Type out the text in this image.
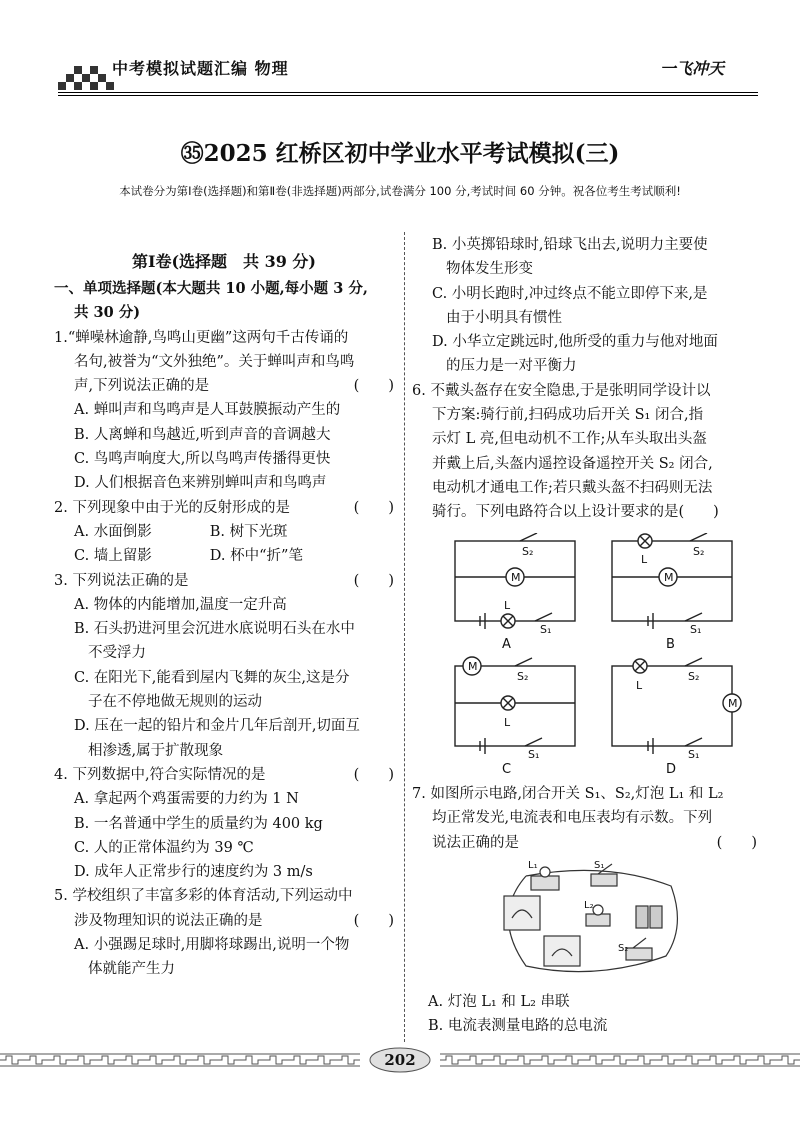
中考模拟试题汇编 物理	一飞冲天
㉟2025 红桥区初中学业水平考试模拟(三)
本试卷分为第Ⅰ卷(选择题)和第Ⅱ卷(非选择题)两部分,试卷满分 100 分,考试时间 60 分钟。祝各位考生考试顺利!
第Ⅰ卷(选择题　共 39 分)
一、单项选择题(本大题共 10 小题,每小题 3 分,
共 30 分)
1.“蝉噪林逾静,鸟鸣山更幽”这两句千古传诵的
名句,被誉为“文外独绝”。关于蝉叫声和鸟鸣
声,下列说法正确的是	(　　)
A. 蝉叫声和鸟鸣声是人耳鼓膜振动产生的
B. 人离蝉和鸟越近,听到声音的音调越大
C. 鸟鸣声响度大,所以鸟鸣声传播得更快
D. 人们根据音色来辨别蝉叫声和鸟鸣声
2. 下列现象中由于光的反射形成的是	(　　)
A. 水面倒影　　　　B. 树下光斑
C. 墙上留影　　　　D. 杯中“折”笔
3. 下列说法正确的是	(　　)
A. 物体的内能增加,温度一定升高
B. 石头扔进河里会沉进水底说明石头在水中
不受浮力
C. 在阳光下,能看到屋内飞舞的灰尘,这是分
子在不停地做无规则的运动
D. 压在一起的铅片和金片几年后剖开,切面互
相渗透,属于扩散现象
4. 下列数据中,符合实际情况的是	(　　)
A. 拿起两个鸡蛋需要的力约为 1 N
B. 一名普通中学生的质量约为 400 kg
C. 人的正常体温约为 39 ℃
D. 成年人正常步行的速度约为 3 m/s
5. 学校组织了丰富多彩的体育活动,下列运动中
涉及物理知识的说法正确的是	(　　)
A. 小强踢足球时,用脚将球踢出,说明一个物
体就能产生力
B. 小英掷铅球时,铅球飞出去,说明力主要使
物体发生形变
C. 小明长跑时,冲过终点不能立即停下来,是
由于小明具有惯性
D. 小华立定跳远时,他所受的重力与他对地面
的压力是一对平衡力
6. 不戴头盔存在安全隐患,于是张明同学设计以
下方案:骑行前,扫码成功后开关 S₁ 闭合,指
示灯 L 亮,但电动机不工作;从车头取出头盔
并戴上后,头盔内遥控设备遥控开关 S₂ 闭合,
电动机才通电工作;若只戴头盔不扫码则无法
骑行。下列电路符合以上设计要求的是(　　)
M	M
M
M
L
L
L
L
S₂
S₁
S₂
S₁
S₂
S₁
S₂
S₁
A	B
C	D
7. 如图所示电路,闭合开关 S₁、S₂,灯泡 L₁ 和 L₂
均正常发光,电流表和电压表均有示数。下列
说法正确的是	(　　)
L₁	S₁
L₂
S₂
A. 灯泡 L₁ 和 L₂ 串联
B. 电流表测量电路的总电流
202
